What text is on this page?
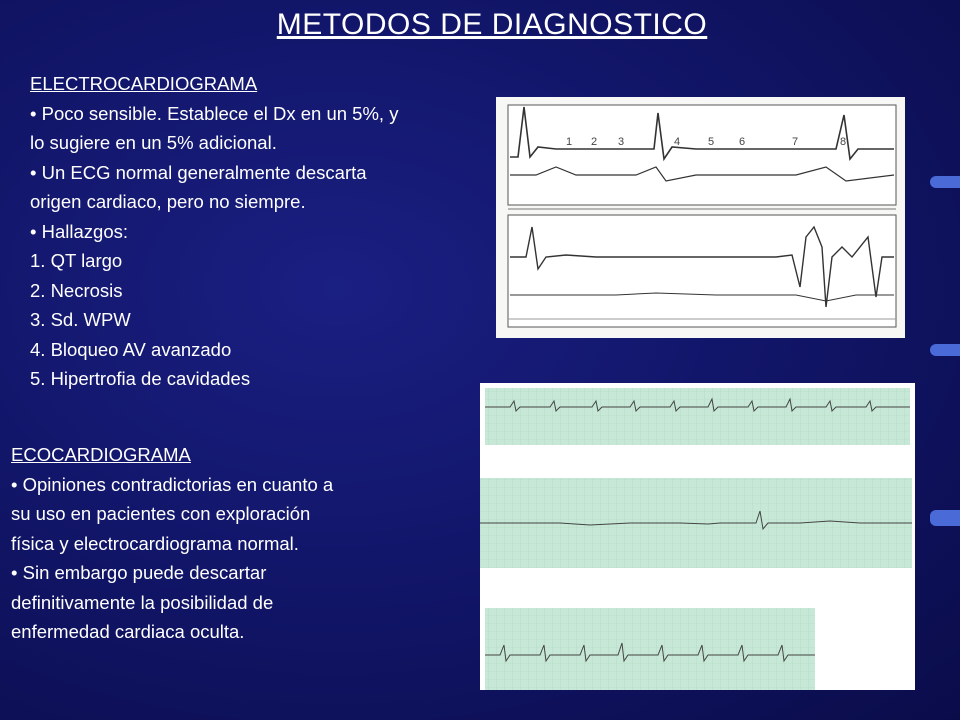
METODOS DE DIAGNOSTICO
ELECTROCARDIOGRAMA
• Poco sensible. Establece el Dx en un 5%, y
lo sugiere en un 5% adicional.
• Un ECG normal generalmente descarta
origen cardiaco, pero no siempre.
• Hallazgos:
1. QT largo
2. Necrosis
3. Sd. WPW
4. Bloqueo AV avanzado
5. Hipertrofia de cavidades
ECOCARDIOGRAMA
• Opiniones contradictorias en cuanto a
su uso en pacientes con exploración
física y electrocardiograma normal.
• Sin embargo puede descartar
definitivamente la posibilidad de
enfermedad cardiaca oculta.
1 2 3	4	5 6	7	8
